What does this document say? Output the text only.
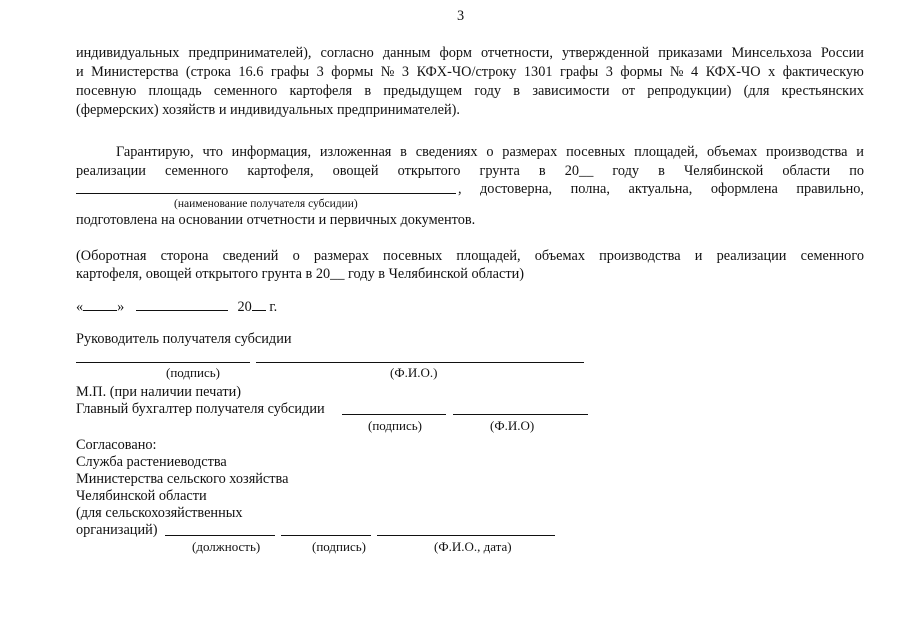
3
индивидуальных предпринимателей), согласно данным форм отчетности, утвержденной приказами Минсельхоза России
и Министерства (строка 16.6 графы 3 формы № 3 КФХ-ЧО/строку 1301 графы 3 формы № 4 КФХ-ЧО х фактическую
посевную площадь семенного картофеля в предыдущем году в зависимости от репродукции) (для крестьянских
(фермерских) хозяйств и индивидуальных предпринимателей).
Гарантирую, что информация, изложенная в сведениях о размерах посевных площадей, объемах производства и
реализации семенного картофеля, овощей открытого грунта в 20__ году в Челябинской области по
, достоверна, полна, актуальна, оформлена правильно,
(наименование получателя субсидии)
подготовлена на основании отчетности и первичных документов.
(Оборотная сторона сведений о размерах посевных площадей, объемах производства и реализации семенного
картофеля, овощей открытого грунта в 20__ году в Челябинской области)
« »	20 г.
Руководитель получателя субсидии
(подпись)	(Ф.И.О.)
М.П. (при наличии печати)
Главный бухгалтер получателя субсидии
(подпись)	(Ф.И.О)
Согласовано:
Служба растениеводства
Министерства сельского хозяйства
Челябинской области
(для сельскохозяйственных
организаций)
(должность)	(подпись)	(Ф.И.О., дата)
